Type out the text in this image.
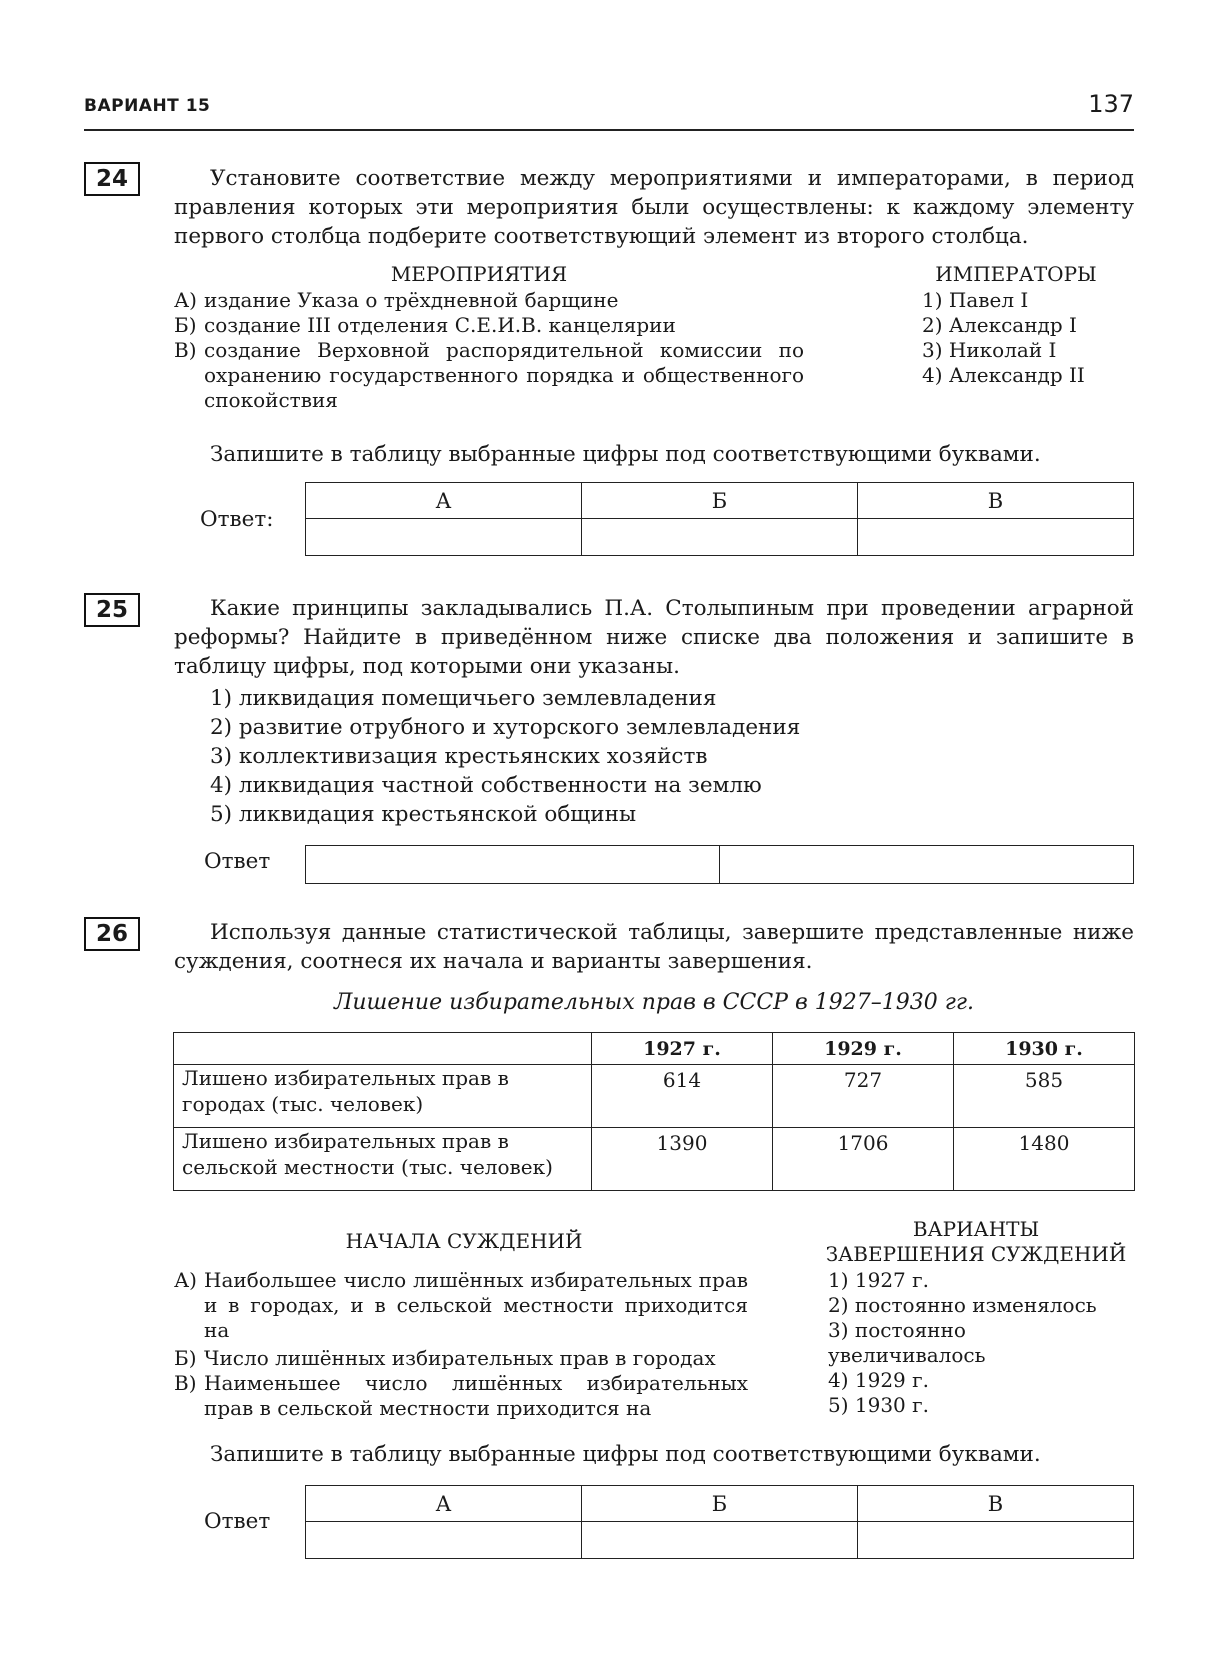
ВАРИАНТ 15	137
24	Установите соответствие между мероприятиями и императорами, в период правления которых эти мероприятия были осуществлены: к каждому элементу первого столбца подберите соответствующий элемент из второго столбца.
МЕРОПРИЯТИЯ	ИМПЕРАТОРЫ
А) издание Указа о трёхдневной барщине
Б) создание III отделения С.Е.И.В. канцелярии
В) создание Верховной распорядительной комиссии по охранению государственного порядка и общественного спокойствия
1) Павел I
2) Александр I
3) Николай I
4) Александр II
Запишите в таблицу выбранные цифры под соответствующими буквами.
Ответ:
А	Б	В

25	Какие принципы закладывались П.А. Столыпиным при проведении аграрной реформы? Найдите в приведённом ниже списке два положения и запишите в таблицу цифры, под которыми они указаны.
1) ликвидация помещичьего землевладения
2) развитие отрубного и хуторского землевладения
3) коллективизация крестьянских хозяйств
4) ликвидация частной собственности на землю
5) ликвидация крестьянской общины
Ответ

26	Используя данные статистической таблицы, завершите представленные ниже суждения, соотнеся их начала и варианты завершения.
Лишение избирательных прав в СССР в 1927–1930 гг.
	1927 г.	1929 г.	1930 г.
Лишено избирательных прав в городах (тыс. человек)	614	727	585
Лишено избирательных прав в сельской местности (тыс. человек)	1390	1706	1480
НАЧАЛА СУЖДЕНИЙ	ВАРИАНТЫ
ЗАВЕРШЕНИЯ СУЖДЕНИЙ
А) Наибольшее число лишённых избирательных прав и в городах, и в сельской местности приходится на
Б) Число лишённых избирательных прав в городах
В) Наименьшее число лишённых избирательных прав в сельской местности приходится на
1) 1927 г.
2) постоянно изменялось
3) постоянно увеличивалось
4) 1929 г.
5) 1930 г.
Запишите в таблицу выбранные цифры под соответствующими буквами.
Ответ
А	Б	В
